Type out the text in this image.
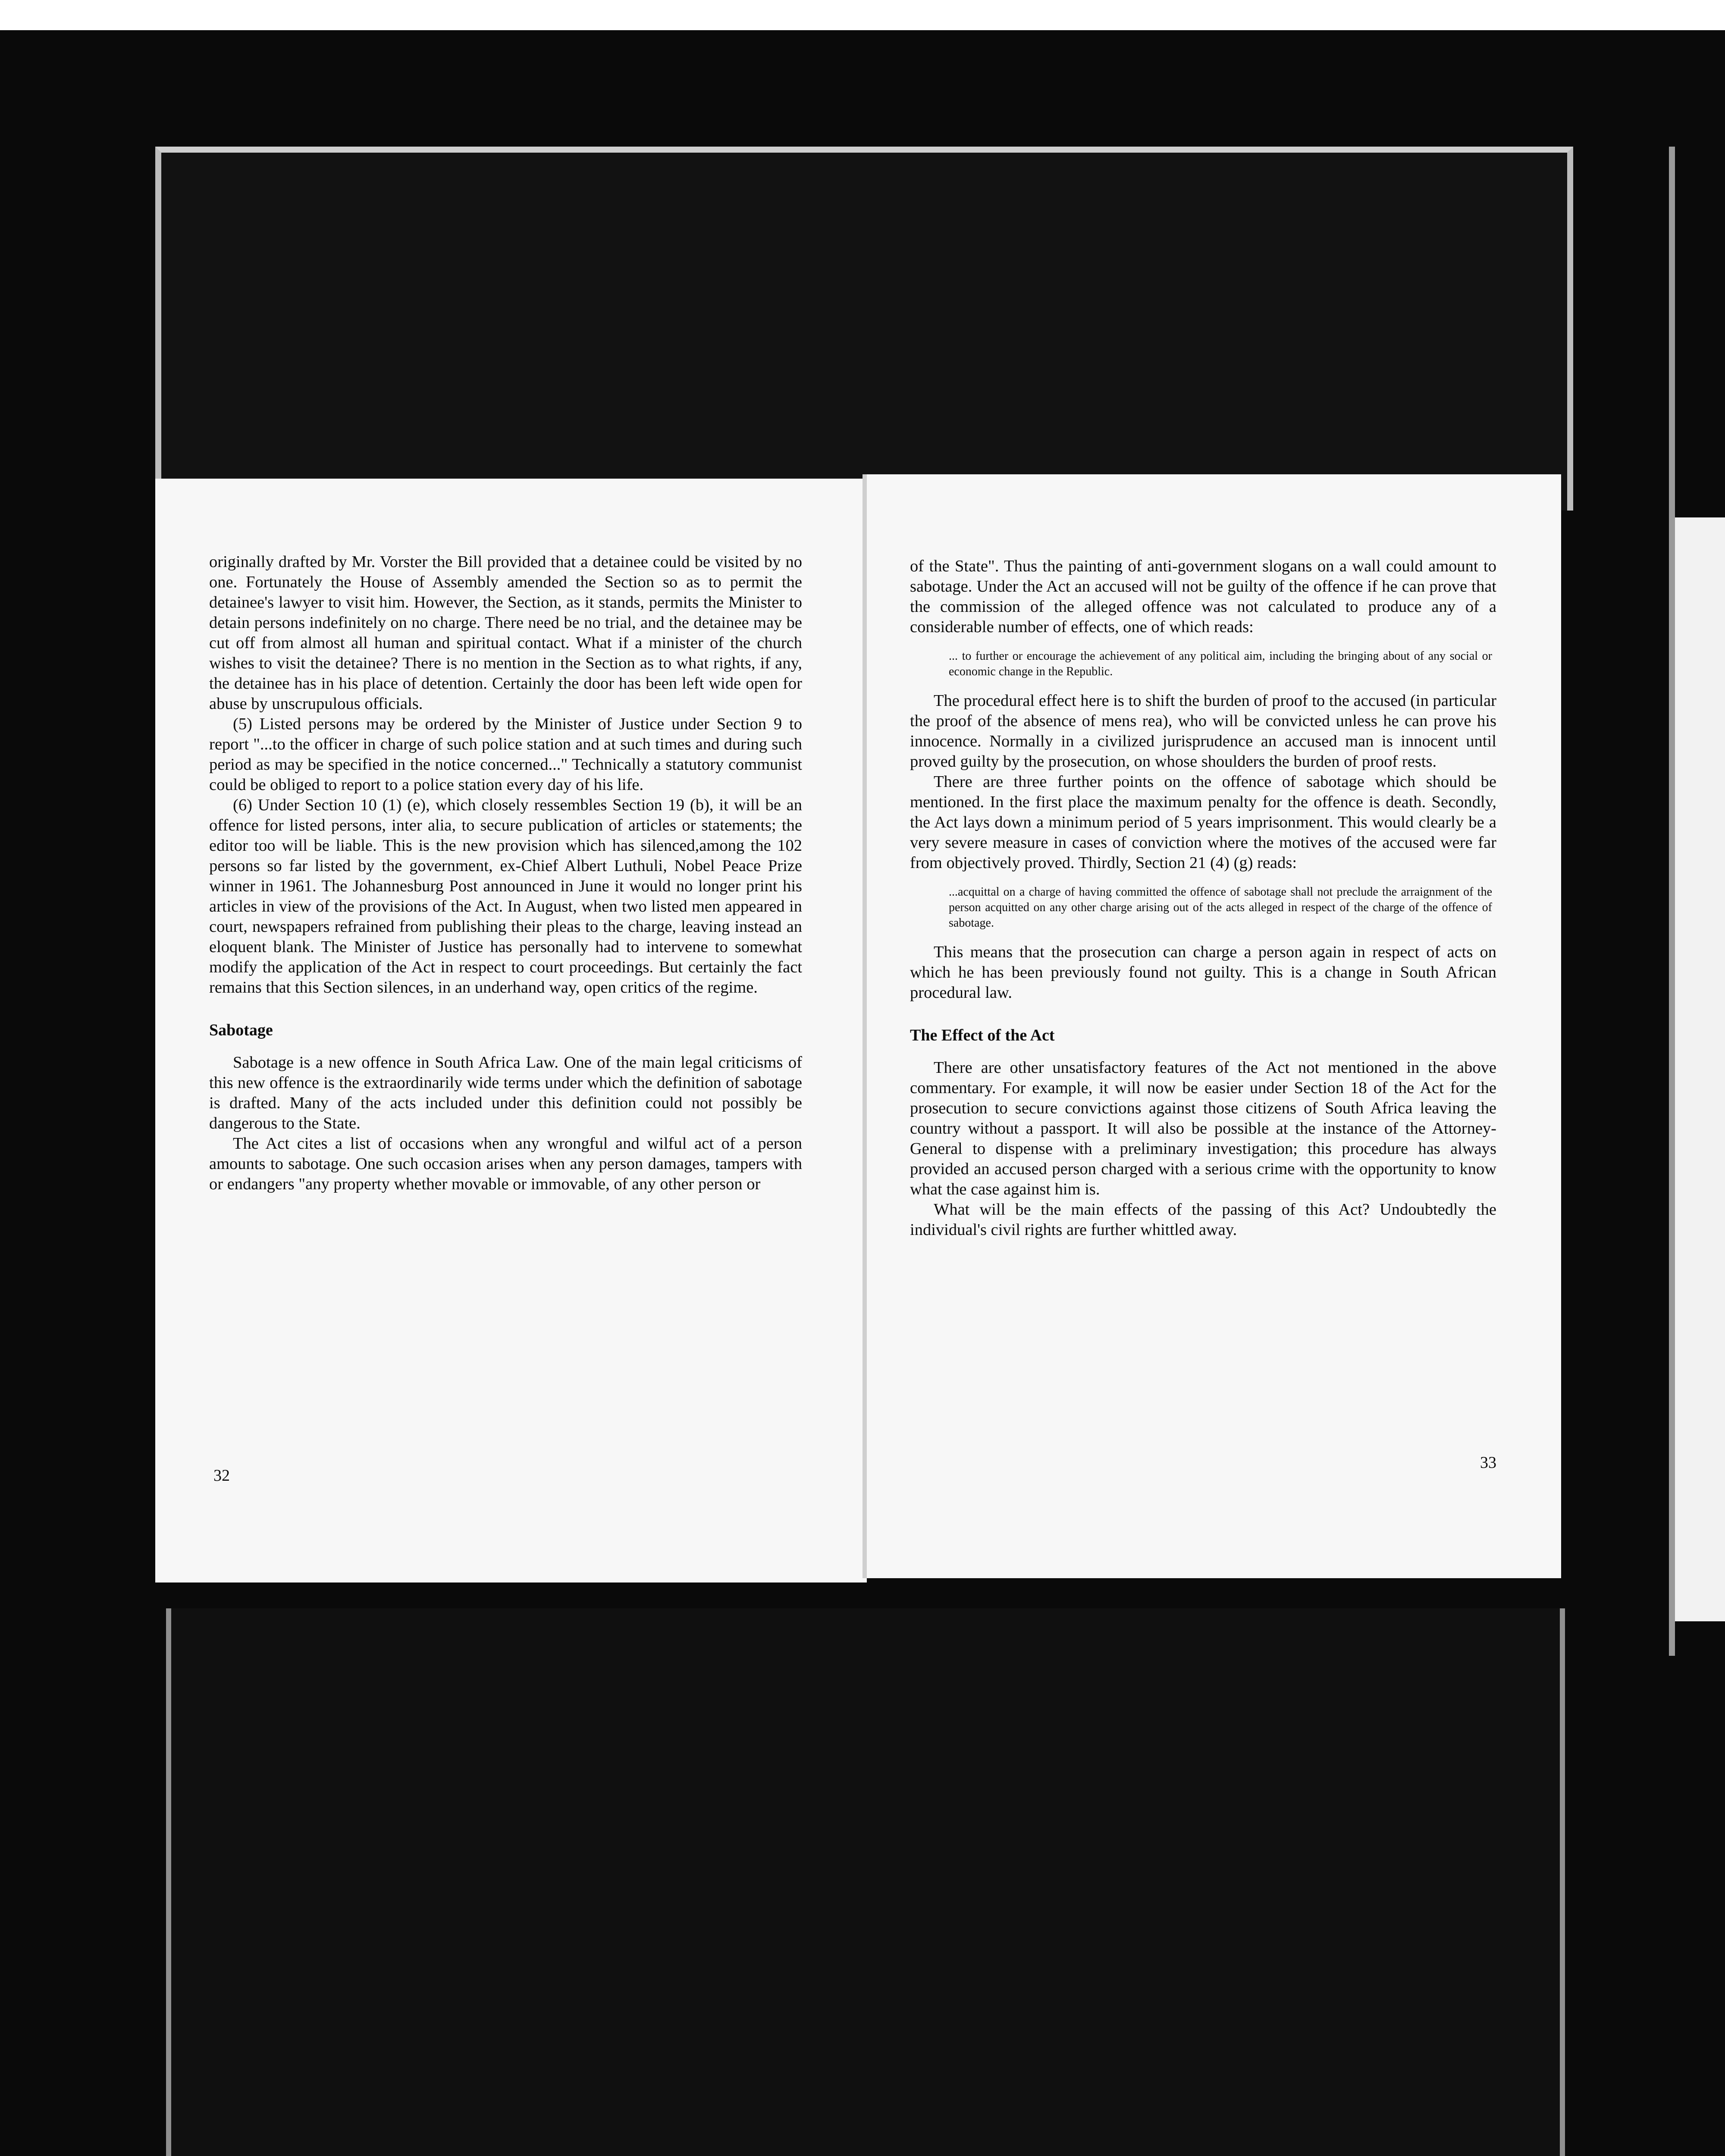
originally drafted by Mr. Vorster the Bill provided that a detainee could be visited by no one. Fortunately the House of Assembly amended the Section so as to permit the detainee's lawyer to visit him. However, the Section, as it stands, permits the Minister to detain persons indefinitely on no charge. There need be no trial, and the detainee may be cut off from almost all human and spiritual contact. What if a minister of the church wishes to visit the detainee? There is no mention in the Section as to what rights, if any, the detainee has in his place of detention. Certainly the door has been left wide open for abuse by unscrupulous officials.

(5) Listed persons may be ordered by the Minister of Justice under Section 9 to report "...to the officer in charge of such police station and at such times and during such period as may be specified in the notice concerned..." Technically a statutory communist could be obliged to report to a police station every day of his life.

(6) Under Section 10 (1) (e), which closely ressembles Section 19 (b), it will be an offence for listed persons, inter alia, to secure publication of articles or statements; the editor too will be liable. This is the new provision which has silenced,among the 102 persons so far listed by the government, ex-Chief Albert Luthuli, Nobel Peace Prize winner in 1961. The Johannesburg Post announced in June it would no longer print his articles in view of the provisions of the Act. In August, when two listed men appeared in court, newspapers refrained from publishing their pleas to the charge, leaving instead an eloquent blank. The Minister of Justice has personally had to intervene to somewhat modify the application of the Act in respect to court proceedings. But certainly the fact remains that this Section silences, in an underhand way, open critics of the regime.

Sabotage

Sabotage is a new offence in South Africa Law. One of the main legal criticisms of this new offence is the extraordinarily wide terms under which the definition of sabotage is drafted. Many of the acts included under this definition could not possibly be dangerous to the State.

The Act cites a list of occasions when any wrongful and wilful act of a person amounts to sabotage. One such occasion arises when any person damages, tampers with or endangers "any property whether movable or immovable, of any other person or

32

of the State". Thus the painting of anti-government slogans on a wall could amount to sabotage. Under the Act an accused will not be guilty of the offence if he can prove that the commission of the alleged offence was not calculated to produce any of a considerable number of effects, one of which reads:

... to further or encourage the achievement of any political aim, including the bringing about of any social or economic change in the Republic.

The procedural effect here is to shift the burden of proof to the accused (in particular the proof of the absence of mens rea), who will be convicted unless he can prove his innocence. Normally in a civilized jurisprudence an accused man is innocent until proved guilty by the prosecution, on whose shoulders the burden of proof rests.

There are three further points on the offence of sabotage which should be mentioned. In the first place the maximum penalty for the offence is death. Secondly, the Act lays down a minimum period of 5 years imprisonment. This would clearly be a very severe measure in cases of conviction where the motives of the accused were far from objectively proved. Thirdly, Section 21 (4) (g) reads:

...acquittal on a charge of having committed the offence of sabotage shall not preclude the arraignment of the person acquitted on any other charge arising out of the acts alleged in respect of the charge of the offence of sabotage.

This means that the prosecution can charge a person again in respect of acts on which he has been previously found not guilty. This is a change in South African procedural law.

The Effect of the Act

There are other unsatisfactory features of the Act not mentioned in the above commentary. For example, it will now be easier under Section 18 of the Act for the prosecution to secure convictions against those citizens of South Africa leaving the country without a passport. It will also be possible at the instance of the Attorney-General to dispense with a preliminary investigation; this procedure has always provided an accused person charged with a serious crime with the opportunity to know what the case against him is.

What will be the main effects of the passing of this Act? Undoubtedly the individual's civil rights are further whittled away.

33
